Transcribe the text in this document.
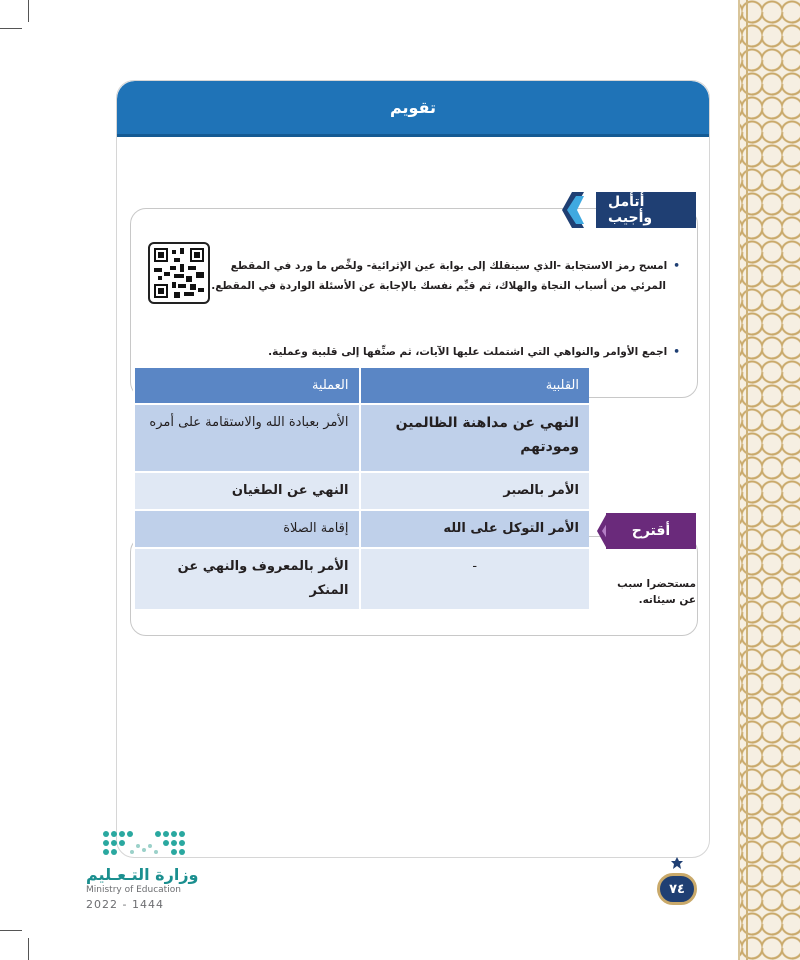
تقويم
أتأمل وأجيب
•امسح رمز الاستجابة -الذي سينقلك إلى بوابة عين الإثرائية- ولخِّص ما ورد في المقطع
المرئي من أسباب النجاة والهلاك، ثم قيِّم نفسك بالإجابة عن الأسئلة الواردة في المقطع.
•اجمع الأوامر والنواهي التي اشتملت عليها الآيات، ثم صنِّفها إلى قلبية وعملية.
أقترح
مستحضرا سبب
عن سيئاته.
القلبية	العملية
النهي عن مداهنة الظالمين ومودتهم	الأمر بعبادة الله والاستقامة على أمره
الأمر بالصبر	النهي عن الطغيان
الأمر التوكل على الله	إقامة الصلاة
-	الأمر بالمعروف والنهي عن المنكر
وزارة التـعـليم
Ministry of Education
2022 - 1444
٧٤
